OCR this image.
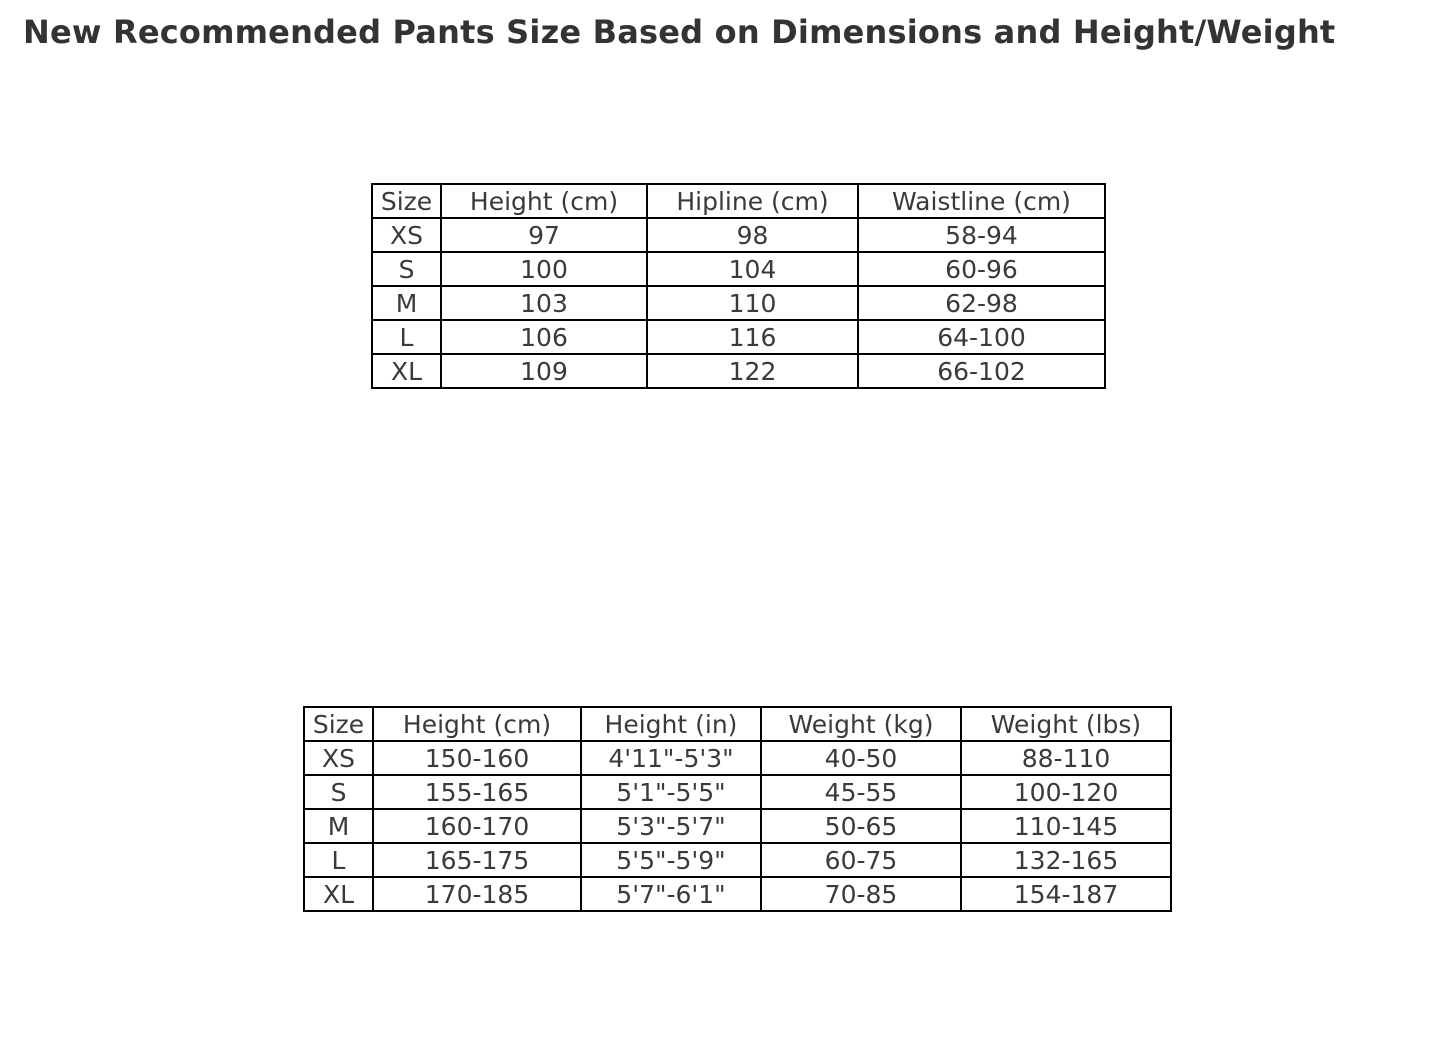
New Recommended Pants Size Based on Dimensions and Height/Weight
Size	Height (cm)	Hipline (cm)	Waistline (cm)
XS	97	98	58-94
S	100	104	60-96
M	103	110	62-98
L	106	116	64-100
XL	109	122	66-102
Size	Height (cm)	Height (in)	Weight (kg)	Weight (lbs)
XS	150-160	4'11"-5'3"	40-50	88-110
S	155-165	5'1"-5'5"	45-55	100-120
M	160-170	5'3"-5'7"	50-65	110-145
L	165-175	5'5"-5'9"	60-75	132-165
XL	170-185	5'7"-6'1"	70-85	154-187
